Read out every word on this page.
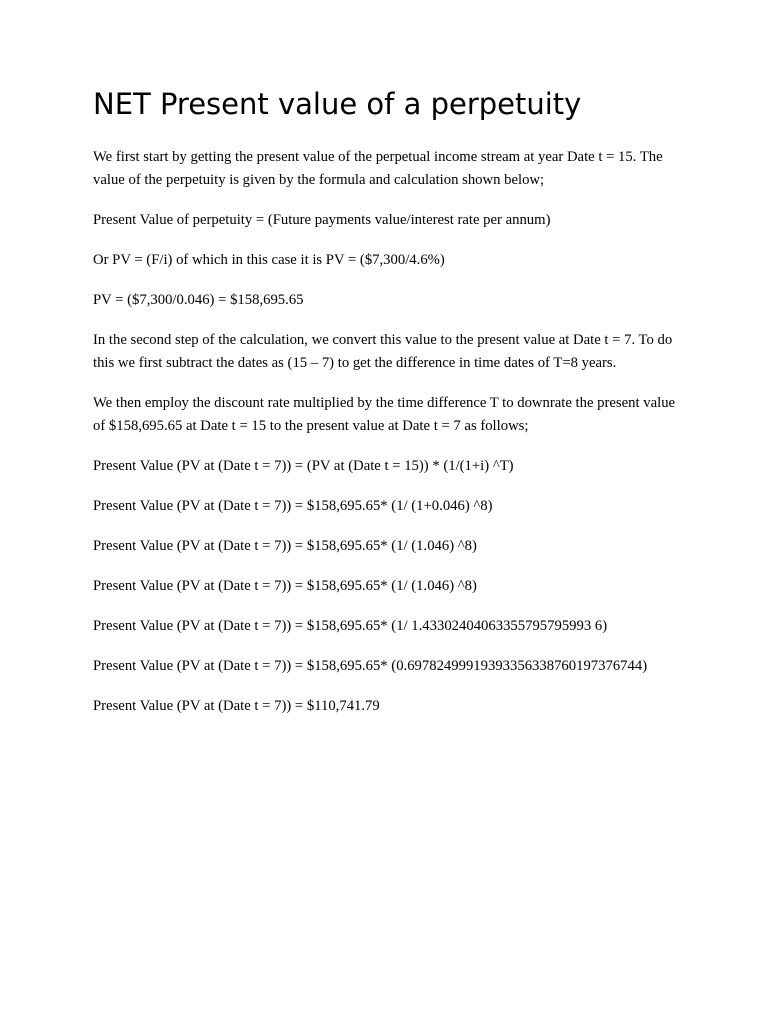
NET Present value of a perpetuity

We first start by getting the present value of the perpetual income stream at year Date t = 15. The value of the perpetuity is given by the formula and calculation shown below;

Present Value of perpetuity = (Future payments value/interest rate per annum)

Or PV = (F/i) of which in this case it is PV = ($7,300/4.6%)

PV = ($7,300/0.046) = $158,695.65

In the second step of the calculation, we convert this value to the present value at Date t = 7. To do this we first subtract the dates as (15 – 7) to get the difference in time dates of T=8 years.

We then employ the discount rate multiplied by the time difference T to downrate the present value of $158,695.65 at Date t = 15 to the present value at Date t = 7 as follows;

Present Value (PV at (Date t = 7)) = (PV at (Date t = 15)) * (1/(1+i) ^T)

Present Value (PV at (Date t = 7)) = $158,695.65* (1/ (1+0.046) ^8)

Present Value (PV at (Date t = 7)) = $158,695.65* (1/ (1.046) ^8)

Present Value (PV at (Date t = 7)) = $158,695.65* (1/ (1.046) ^8)

Present Value (PV at (Date t = 7)) = $158,695.65* (1/ 1.43302404063355795795993 6)

Present Value (PV at (Date t = 7)) = $158,695.65* (0.69782499919393356338760197376744)

Present Value (PV at (Date t = 7)) = $110,741.79
